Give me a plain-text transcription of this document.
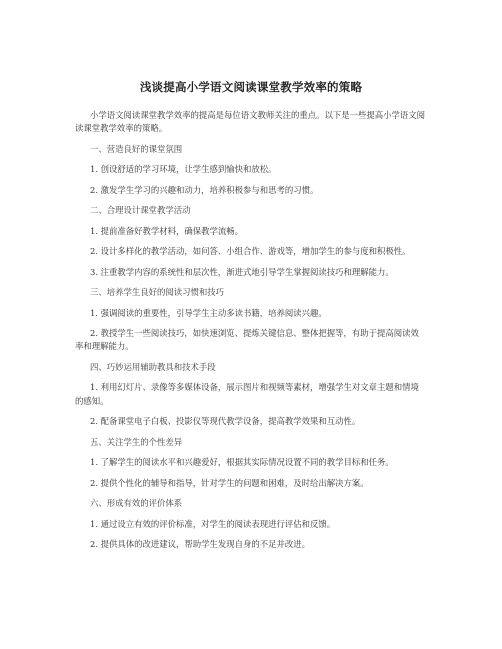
浅谈提高小学语文阅读课堂教学效率的策略

小学语文阅读课堂教学效率的提高是每位语文教师关注的重点。以下是一些提高小学语文阅读课堂教学效率的策略。

一、营造良好的课堂氛围

1. 创设舒适的学习环境，让学生感到愉快和放松。

2. 激发学生学习的兴趣和动力，培养积极参与和思考的习惯。

二、合理设计课堂教学活动

1. 提前准备好教学材料，确保教学流畅。

2. 设计多样化的教学活动，如问答、小组合作、游戏等，增加学生的参与度和积极性。

3. 注重教学内容的系统性和层次性，渐进式地引导学生掌握阅读技巧和理解能力。

三、培养学生良好的阅读习惯和技巧

1. 强调阅读的重要性，引导学生主动多读书籍，培养阅读兴趣。

2. 教授学生一些阅读技巧，如快速浏览、提炼关键信息、整体把握等，有助于提高阅读效率和理解能力。

四、巧妙运用辅助教具和技术手段

1. 利用幻灯片、录像等多媒体设备，展示图片和视频等素材，增强学生对文章主题和情境的感知。

2. 配备课堂电子白板、投影仪等现代教学设备，提高教学效果和互动性。

五、关注学生的个性差异

1. 了解学生的阅读水平和兴趣爱好，根据其实际情况设置不同的教学目标和任务。

2. 提供个性化的辅导和指导，针对学生的问题和困难，及时给出解决方案。

六、形成有效的评价体系

1. 通过设立有效的评价标准，对学生的阅读表现进行评估和反馈。

2. 提供具体的改进建议，帮助学生发现自身的不足并改进。
